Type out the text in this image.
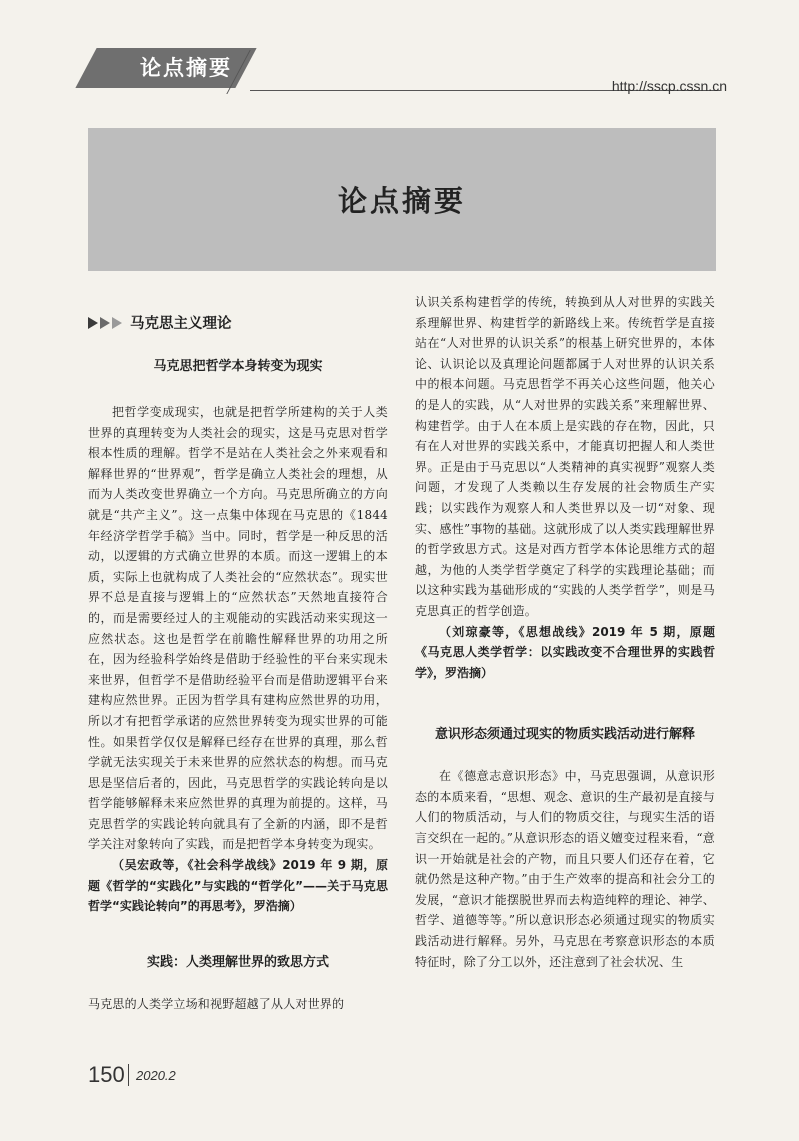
论点摘要
http://sscp.cssn.cn
论点摘要
马克思主义理论
马克思把哲学本身转变为现实

把哲学变成现实，也就是把哲学所建构的关于人类世界的真理转变为人类社会的现实，这是马克思对哲学根本性质的理解。哲学不是站在人类社会之外来观看和解释世界的“世界观”，哲学是确立人类社会的理想，从而为人类改变世界确立一个方向。马克思所确立的方向就是“共产主义”。这一点集中体现在马克思的《1844 年经济学哲学手稿》当中。同时，哲学是一种反思的活动，以逻辑的方式确立世界的本质。而这一逻辑上的本质，实际上也就构成了人类社会的“应然状态”。现实世界不总是直接与逻辑上的“应然状态”天然地直接符合的，而是需要经过人的主观能动的实践活动来实现这一应然状态。这也是哲学在前瞻性解释世界的功用之所在，因为经验科学始终是借助于经验性的平台来实现未来世界，但哲学不是借助经验平台而是借助逻辑平台来建构应然世界。正因为哲学具有建构应然世界的功用，所以才有把哲学承诺的应然世界转变为现实世界的可能性。如果哲学仅仅是解释已经存在世界的真理，那么哲学就无法实现关于未来世界的应然状态的构想。而马克思是坚信后者的，因此，马克思哲学的实践论转向是以哲学能够解释未来应然世界的真理为前提的。这样，马克思哲学的实践论转向就具有了全新的内涵，即不是哲学关注对象转向了实践，而是把哲学本身转变为现实。

（吴宏政等，《社会科学战线》2019 年 9 期，原题《哲学的“实践化”与实践的“哲学化”——关于马克思哲学“实践论转向”的再思考》，罗浩摘）
实践：人类理解世界的致思方式

马克思的人类学立场和视野超越了从人对世界的

认识关系构建哲学的传统，转换到从人对世界的实践关系理解世界、构建哲学的新路线上来。传统哲学是直接站在“人对世界的认识关系”的根基上研究世界的，本体论、认识论以及真理论问题都属于人对世界的认识关系中的根本问题。马克思哲学不再关心这些问题，他关心的是人的实践，从“人对世界的实践关系”来理解世界、构建哲学。由于人在本质上是实践的存在物，因此，只有在人对世界的实践关系中，才能真切把握人和人类世界。正是由于马克思以“人类精神的真实视野”观察人类问题，才发现了人类赖以生存发展的社会物质生产实践；以实践作为观察人和人类世界以及一切“对象、现实、感性”事物的基础。这就形成了以人类实践理解世界的哲学致思方式。这是对西方哲学本体论思维方式的超越，为他的人类学哲学奠定了科学的实践理论基础；而以这种实践为基础形成的“实践的人类学哲学”，则是马克思真正的哲学创造。

（刘琼豪等，《思想战线》2019 年 5 期，原题《马克思人类学哲学：以实践改变不合理世界的实践哲学》，罗浩摘）
意识形态须通过现实的物质实践活动进行解释

在《德意志意识形态》中，马克思强调，从意识形态的本质来看，“思想、观念、意识的生产最初是直接与人们的物质活动，与人们的物质交往，与现实生活的语言交织在一起的。”从意识形态的语义嬗变过程来看，“意识一开始就是社会的产物，而且只要人们还存在着，它就仍然是这种产物。”由于生产效率的提高和社会分工的发展，“意识才能摆脱世界而去构造纯粹的理论、神学、哲学、道德等等。”所以意识形态必须通过现实的物质实践活动进行解释。另外，马克思在考察意识形态的本质特征时，除了分工以外，还注意到了社会状况、生

150 2020.2
